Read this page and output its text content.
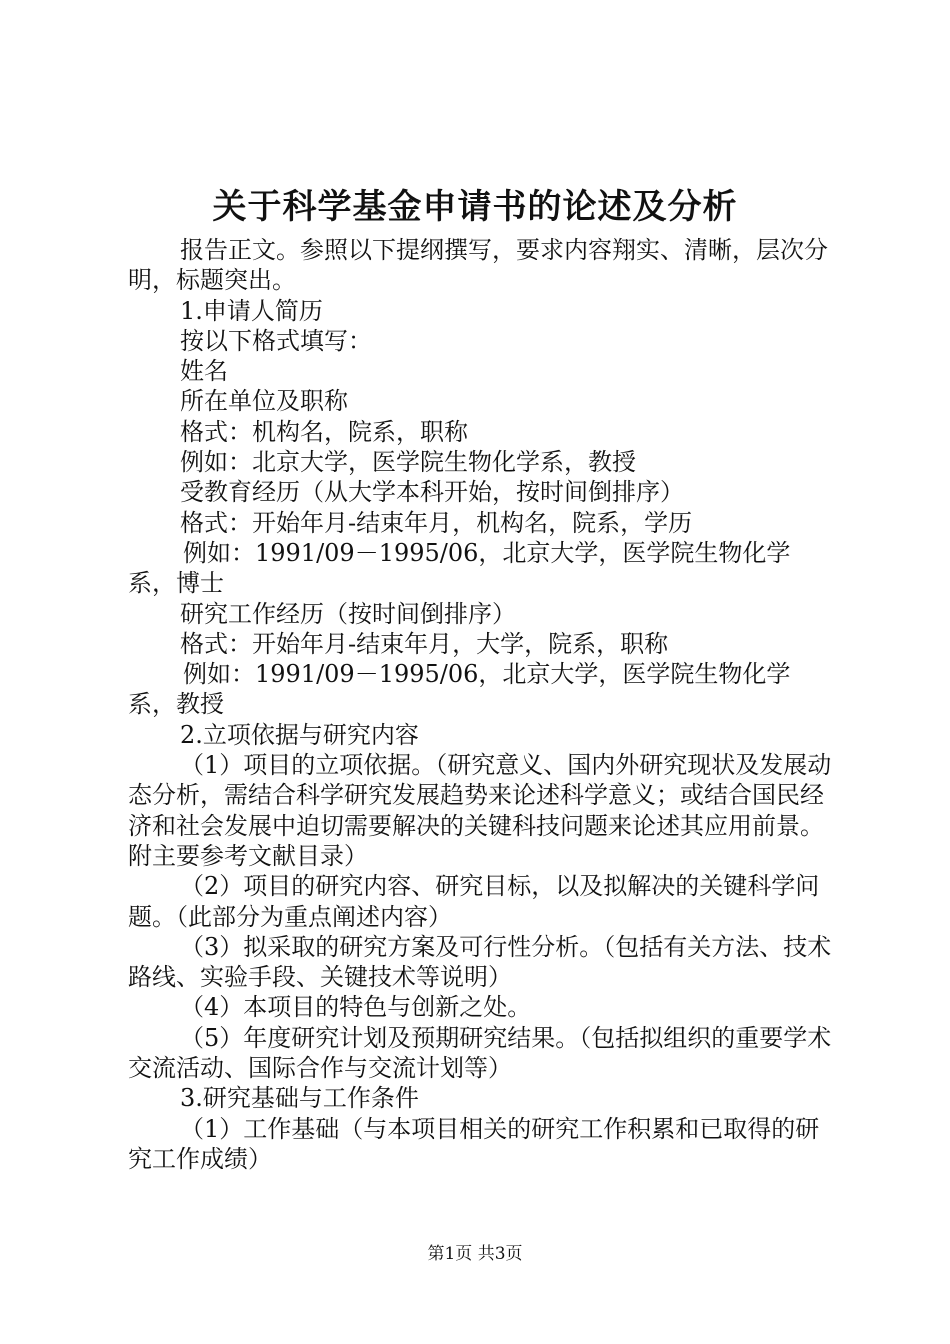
关于科学基金申请书的论述及分析

报告正文。参照以下提纲撰写，要求内容翔实、清晰，层次分明，标题突出。

1.申请人简历

按以下格式填写：

姓名

所在单位及职称

格式：机构名，院系，职称

例如：北京大学，医学院生物化学系，教授

受教育经历（从大学本科开始，按时间倒排序）

格式：开始年月-结束年月，机构名，院系，学历

例如：1991/09－1995/06，北京大学，医学院生物化学系，博士

研究工作经历（按时间倒排序）

格式：开始年月-结束年月，大学，院系，职称

例如：1991/09－1995/06，北京大学，医学院生物化学系，教授

2.立项依据与研究内容

（1）项目的立项依据。（研究意义、国内外研究现状及发展动态分析，需结合科学研究发展趋势来论述科学意义；或结合国民经济和社会发展中迫切需要解决的关键科技问题来论述其应用前景。附主要参考文献目录）

（2）项目的研究内容、研究目标，以及拟解决的关键科学问题。（此部分为重点阐述内容）

（3）拟采取的研究方案及可行性分析。（包括有关方法、技术路线、实验手段、关键技术等说明）

（4）本项目的特色与创新之处。

（5）年度研究计划及预期研究结果。（包括拟组织的重要学术交流活动、国际合作与交流计划等）

3.研究基础与工作条件

（1）工作基础（与本项目相关的研究工作积累和已取得的研究工作成绩）

第1页 共3页
